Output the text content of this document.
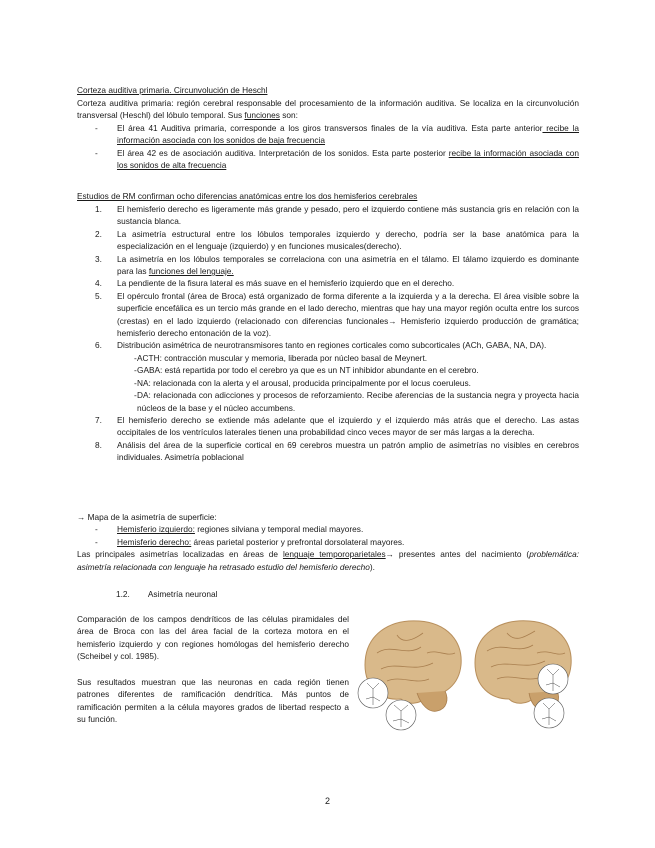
Corteza auditiva primaria. Circunvolución de Heschl
Corteza auditiva primaria: región cerebral responsable del procesamiento de la información auditiva. Se localiza en la circunvolución transversal (Heschl) del lóbulo temporal. Sus funciones son:
- El área 41 Auditiva primaria, corresponde a los giros transversos finales de la vía auditiva. Esta parte anterior recibe la información asociada con los sonidos de baja frecuencia
- El área 42 es de asociación auditiva. Interpretación de los sonidos. Esta parte posterior recibe la información asociada con los sonidos de alta frecuencia
Estudios de RM confirman ocho diferencias anatómicas entre los dos hemisferios cerebrales
1. El hemisferio derecho es ligeramente más grande y pesado, pero el izquierdo contiene más sustancia gris en relación con la sustancia blanca.
2. La asimetría estructural entre los lóbulos temporales izquierdo y derecho, podría ser la base anatómica para la especialización en el lenguaje (izquierdo) y en funciones musicales(derecho).
3. La asimetría en los lóbulos temporales se correlaciona con una asimetría en el tálamo. El tálamo izquierdo es dominante para las funciones del lenguaje.
4. La pendiente de la fisura lateral es más suave en el hemisferio izquierdo que en el derecho.
5. El opérculo frontal (área de Broca) está organizado de forma diferente a la izquierda y a la derecha. El área visible sobre la superficie encefálica es un tercio más grande en el lado derecho, mientras que hay una mayor región oculta entre los surcos (crestas) en el lado izquierdo (relacionado con diferencias funcionales→ Hemisferio izquierdo producción de gramática; hemisferio derecho entonación de la voz).
6. Distribución asimétrica de neurotransmisores tanto en regiones corticales como subcorticales (ACh, GABA, NA, DA).
- ACTH: contracción muscular y memoria, liberada por núcleo basal de Meynert.
- GABA: está repartida por todo el cerebro ya que es un NT inhibidor abundante en el cerebro.
- NA: relacionada con la alerta y el arousal, producida principalmente por el locus coeruleus.
- DA: relacionada con adicciones y procesos de reforzamiento. Recibe aferencias de la sustancia negra y proyecta hacia núcleos de la base y el núcleo accumbens.
7. El hemisferio derecho se extiende más adelante que el izquierdo y el izquierdo más atrás que el derecho. Las astas occipitales de los ventrículos laterales tienen una probabilidad cinco veces mayor de ser más largas a la derecha.
8. Análisis del área de la superficie cortical en 69 cerebros muestra un patrón amplio de asimetrías no visibles en cerebros individuales. Asimetría poblacional
→ Mapa de la asimetría de superficie:
- Hemisferio izquierdo: regiones silviana y temporal medial mayores.
- Hemisferio derecho: áreas parietal posterior y prefrontal dorsolateral mayores.
Las principales asimetrías localizadas en áreas de lenguaje temporoparietales→ presentes antes del nacimiento (problemática: asimetría relacionada con lenguaje ha retrasado estudio del hemisferio derecho).
1.2. Asimetría neuronal
Comparación de los campos dendríticos de las células piramidales del área de Broca con las del área facial de la corteza motora en el hemisferio izquierdo y con regiones homólogas del hemisferio derecho (Scheibel y col. 1985).
Sus resultados muestran que las neuronas en cada región tienen patrones diferentes de ramificación dendrítica. Más puntos de ramificación permiten a la célula mayores grados de libertad respecto a su función.
2
